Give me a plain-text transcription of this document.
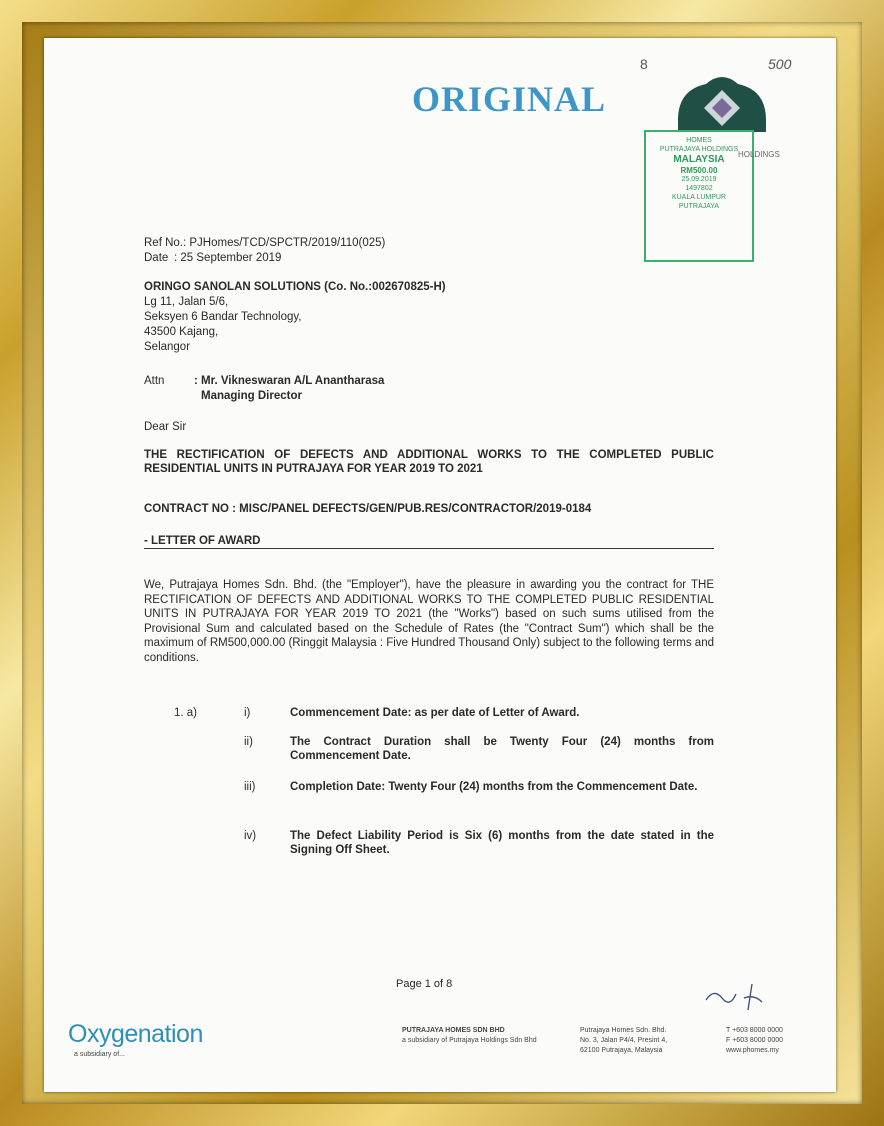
ORIGINAL
8	500
HOMES
PUTRAJAYA HOLDINGS
MALAYSIA
RM500.00
25.09.2019
1497802
KUALA LUMPUR
PUTRAJAYA
HOLDINGS
Ref No.: PJHomes/TCD/SPCTR/2019/110(025)
Date : 25 September 2019
ORINGO SANOLAN SOLUTIONS (Co. No.:002670825-H)
Lg 11, Jalan 5/6,
Seksyen 6 Bandar Technology,
43500 Kajang,
Selangor
Attn	: Mr. Vikneswaran A/L Anantharasa
Managing Director
Dear Sir
THE RECTIFICATION OF DEFECTS AND ADDITIONAL WORKS TO THE COMPLETED PUBLIC RESIDENTIAL UNITS IN PUTRAJAYA FOR YEAR 2019 TO 2021
CONTRACT NO : MISC/PANEL DEFECTS/GEN/PUB.RES/CONTRACTOR/2019-0184
- LETTER OF AWARD
We, Putrajaya Homes Sdn. Bhd. (the "Employer"), have the pleasure in awarding you the contract for THE RECTIFICATION OF DEFECTS AND ADDITIONAL WORKS TO THE COMPLETED PUBLIC RESIDENTIAL UNITS IN PUTRAJAYA FOR YEAR 2019 TO 2021 (the "Works") based on such sums utilised from the Provisional Sum and calculated based on the Schedule of Rates (the "Contract Sum") which shall be the maximum of RM500,000.00 (Ringgit Malaysia : Five Hundred Thousand Only) subject to the following terms and conditions.
1. a)	i)	Commencement Date: as per date of Letter of Award.
ii)	The Contract Duration shall be Twenty Four (24) months from Commencement Date.
iii)	Completion Date: Twenty Four (24) months from the Commencement Date.
iv)	The Defect Liability Period is Six (6) months from the date stated in the Signing Off Sheet.
Page 1 of 8
Oxygenation
a subsidiary of...
PUTRAJAYA HOMES SDN BHD
a subsidiary of Putrajaya Holdings Sdn Bhd
Putrajaya Homes Sdn. Bhd.
No. 3, Jalan P4/4, Presint 4,
62100 Putrajaya, Malaysia
T +603 8000 0000
F +603 8000 0000
www.phomes.my
